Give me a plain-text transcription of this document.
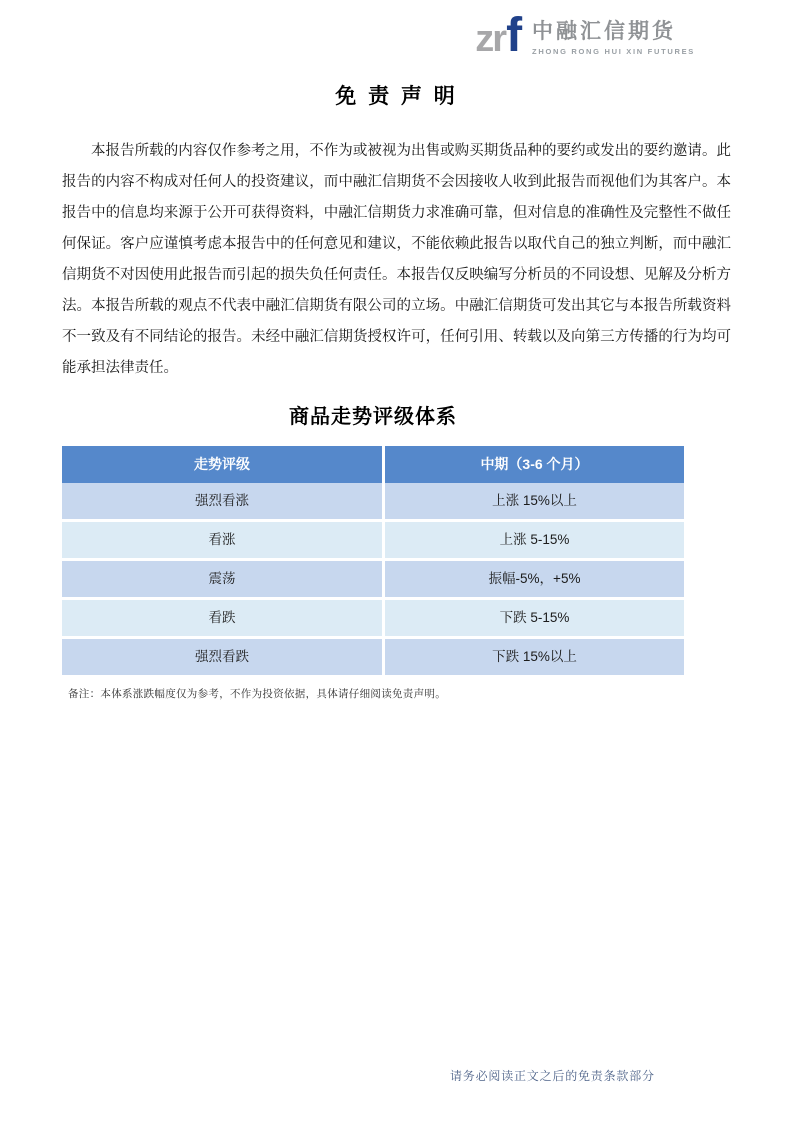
zr f 中融汇信期货
ZHONG RONG HUI XIN FUTURES
免 责 声 明

本报告所载的内容仅作参考之用，不作为或被视为出售或购买期货品种的要约或发出的要约邀请。此报告的内容不构成对任何人的投资建议，而中融汇信期货不会因接收人收到此报告而视他们为其客户。本报告中的信息均来源于公开可获得资料，中融汇信期货力求准确可靠，但对信息的准确性及完整性不做任何保证。客户应谨慎考虑本报告中的任何意见和建议，不能依赖此报告以取代自己的独立判断，而中融汇信期货不对因使用此报告而引起的损失负任何责任。本报告仅反映编写分析员的不同设想、见解及分析方法。本报告所载的观点不代表中融汇信期货有限公司的立场。中融汇信期货可发出其它与本报告所载资料不一致及有不同结论的报告。未经中融汇信期货授权许可，任何引用、转载以及向第三方传播的行为均可能承担法律责任。

商品走势评级体系
走势评级	中期（3-6 个月）
强烈看涨	上涨 15%以上
看涨	上涨 5-15%
震荡	振幅-5%，+5%
看跌	下跌 5-15%
强烈看跌	下跌 15%以上
备注：本体系涨跌幅度仅为参考，不作为投资依据，具体请仔细阅读免责声明。
请务必阅读正文之后的免责条款部分
